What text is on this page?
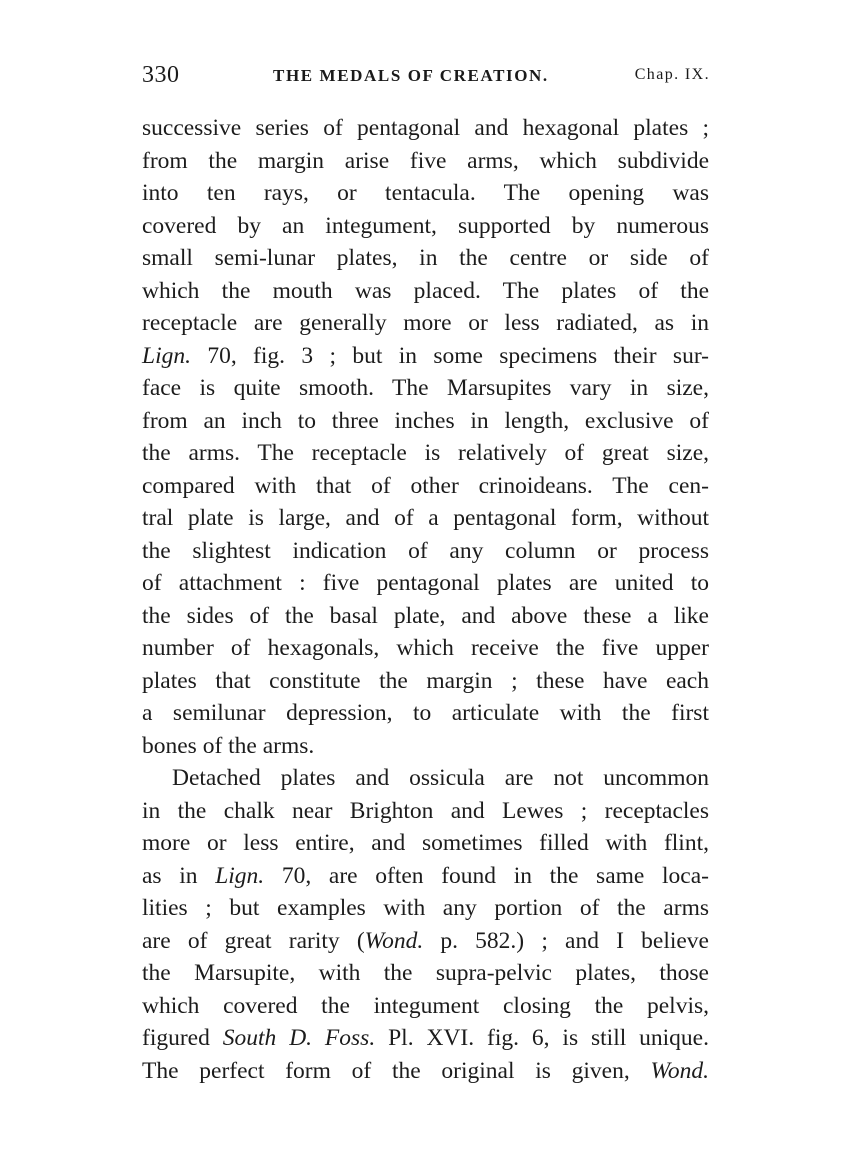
330	THE MEDALS OF CREATION.	Chap. IX.
successive series of pentagonal and hexagonal plates ;
from the margin arise five arms, which subdivide
into ten rays, or tentacula. The opening was
covered by an integument, supported by numerous
small semi-lunar plates, in the centre or side of
which the mouth was placed. The plates of the
receptacle are generally more or less radiated, as in
Lign. 70, fig. 3 ; but in some specimens their sur-
face is quite smooth. The Marsupites vary in size,
from an inch to three inches in length, exclusive of
the arms. The receptacle is relatively of great size,
compared with that of other crinoideans. The cen-
tral plate is large, and of a pentagonal form, without
the slightest indication of any column or process
of attachment : five pentagonal plates are united to
the sides of the basal plate, and above these a like
number of hexagonals, which receive the five upper
plates that constitute the margin ; these have each
a semilunar depression, to articulate with the first
bones of the arms.
Detached plates and ossicula are not uncommon
in the chalk near Brighton and Lewes ; receptacles
more or less entire, and sometimes filled with flint,
as in Lign. 70, are often found in the same loca-
lities ; but examples with any portion of the arms
are of great rarity (Wond. p. 582.) ; and I believe
the Marsupite, with the supra-pelvic plates, those
which covered the integument closing the pelvis,
figured South D. Foss. Pl. XVI. fig. 6, is still unique.
The perfect form of the original is given, Wond.
